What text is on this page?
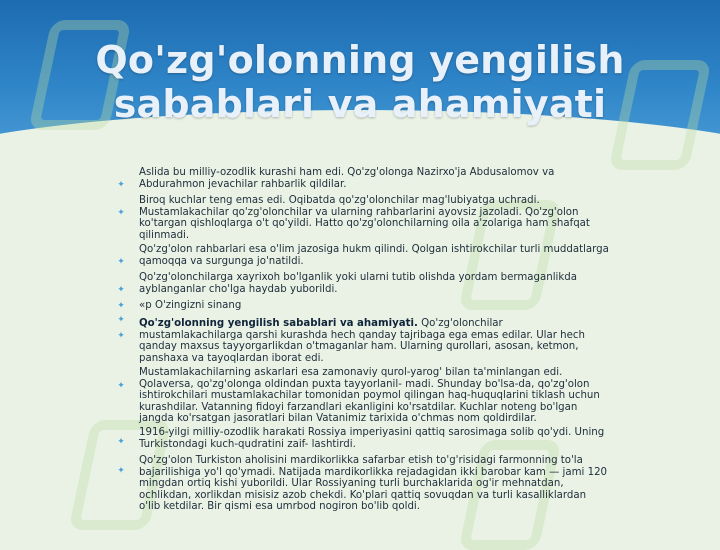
Qo'zg'olonning yengilish
sabablari va ahamiyati
✦
Aslida bu milliy-ozodlik kurashi ham edi. Qo'zg'olonga Nazirxo'ja Abdusalomov va Abdurahmon jevachilar rahbarlik qildilar.
✦
Biroq kuchlar teng emas edi. Oqibatda qo'zg'olonchilar mag'lubiyatga uchradi. Mustamlakachilar qo'zg'olonchilar va ularning rahbarlarini ayovsiz jazoladi. Qo'zg'olon ko'targan qishloqlarga o't qo'yildi. Hatto qo'zg'olonchilarning oila a'zolariga ham shafqat qilinmadi.
✦
Qo'zg'olon rahbarlari esa o'lim jazosiga hukm qilindi. Qolgan ishtirokchilar turli muddatlarga qamoqqa va surgunga jo'natildi.
✦
Qo'zg'olonchilarga xayrixoh bo'lganlik yoki ularni tutib olishda yordam bermaganlikda ayblanganlar cho'lga haydab yuborildi.
✦ «p O'zingizni sinang
✦
✦
Qo'zg'olonning yengilish sabablari va ahamiyati. Qo'zg'olonchilar mustamlakachilarga qarshi kurashda hech qanday tajribaga ega emas edilar. Ular hech qanday maxsus tayyorgarlikdan o'tmaganlar ham. Ularning qurollari, asosan, ketmon, panshaxa va tayoqlardan iborat edi.
✦
Mustamlakachilarning askarlari esa zamonaviy qurol-yarog' bilan ta'minlangan edi. Qolaversa, qo'zg'olonga oldindan puxta tayyorlanil- madi. Shunday bo'lsa-da, qo'zg'olon ishtirokchilari mustamlakachilar tomonidan poymol qilingan haq-huquqlarini tiklash uchun kurashdilar. Vatanning fidoyi farzandlari ekanligini ko'rsatdilar. Kuchlar noteng bo'lgan jangda ko'rsatgan jasoratlari bilan Vatanimiz tarixida o'chmas nom qoldirdilar.
✦
1916-yilgi milliy-ozodlik harakati Rossiya imperiyasini qattiq sarosimaga solib qo'ydi. Uning Turkistondagi kuch-qudratini zaif- lashtirdi.
✦
Qo'zg'olon Turkiston aholisini mardikorlikka safarbar etish to'g'risidagi farmonning to'la bajarilishiga yo'l qo'ymadi. Natijada mardikorlikka rejadagidan ikki barobar kam — jami 120 mingdan ortiq kishi yuborildi. Ular Rossiyaning turli burchaklarida og'ir mehnatdan, ochlikdan, xorlikdan misisiz azob chekdi. Ko'plari qattiq sovuqdan va turli kasalliklardan o'lib ketdilar. Bir qismi esa umrbod nogiron bo'lib qoldi.
